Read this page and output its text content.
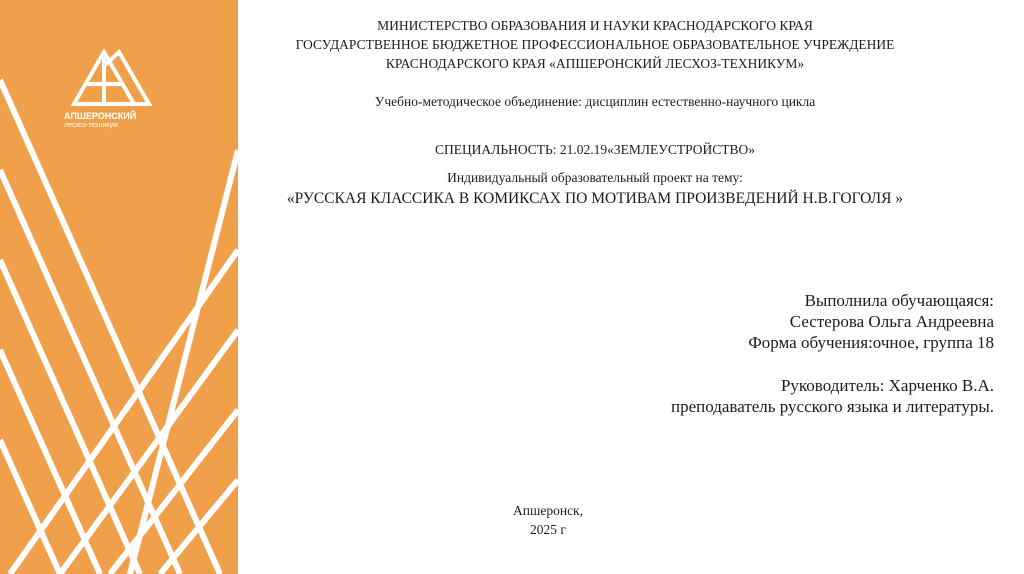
АПШЕРОНСКИЙ
лесхоз-техникум
МИНИСТЕРСТВО ОБРАЗОВАНИЯ И НАУКИ КРАСНОДАРСКОГО КРАЯ
ГОСУДАРСТВЕННОЕ БЮДЖЕТНОЕ ПРОФЕССИОНАЛЬНОЕ ОБРАЗОВАТЕЛЬНОЕ УЧРЕЖДЕНИЕ
КРАСНОДАРСКОГО КРАЯ «АПШЕРОНСКИЙ ЛЕСХОЗ-ТЕХНИКУМ»
Учебно-методическое объединение: дисциплин естественно-научного цикла
СПЕЦИАЛЬНОСТЬ: 21.02.19«ЗЕМЛЕУСТРОЙСТВО»
Индивидуальный образовательный проект на тему:
«РУССКАЯ КЛАССИКА В КОМИКСАХ ПО МОТИВАМ ПРОИЗВЕДЕНИЙ Н.В.ГОГОЛЯ »
Выполнила обучающаяся:
Сестерова Ольга Андреевна
Форма обучения:очное, группа 18
Руководитель: Харченко В.А.
преподаватель русского языка и литературы.
Апшеронск,
2025 г
